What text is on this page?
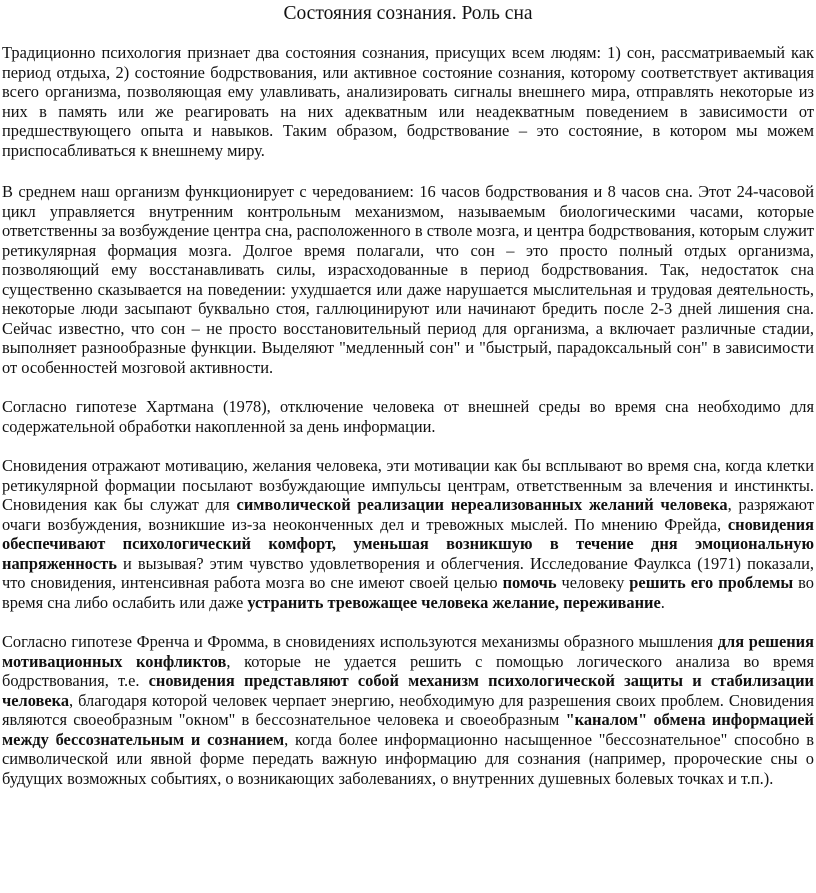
Состояния сознания. Роль сна

Традиционно психология признает два состояния сознания, присущих всем людям: 1) сон, рассматриваемый как период отдыха, 2) состояние бодрствования, или активное состояние сознания, которому соответствует активация всего организма, позволяющая ему улавливать, анализировать сигналы внешнего мира, отправлять некоторые из них в память или же реагировать на них адекватным или неадекватным поведением в зависимости от предшествующего опыта и навыков. Таким образом, бодрствование – это состояние, в котором мы можем приспосабливаться к внешнему миру.

В среднем наш организм функционирует с чередованием: 16 часов бодрствования и 8 часов сна. Этот 24-часовой цикл управляется внутренним контрольным механизмом, называемым биологическими часами, которые ответственны за возбуждение центра сна, расположенного в стволе мозга, и центра бодрствования, которым служит ретикулярная формация мозга. Долгое время полагали, что сон – это просто полный отдых организма, позволяющий ему восстанавливать силы, израсходованные в период бодрствования. Так, недостаток сна существенно сказывается на поведении: ухудшается или даже нарушается мыслительная и трудовая деятельность, некоторые люди засыпают буквально стоя, галлюцинируют или начинают бредить после 2-3 дней лишения сна. Сейчас известно, что сон – не просто восстановительный период для организма, а включает различные стадии, выполняет разнообразные функции. Выделяют "медленный сон" и "быстрый, парадоксальный сон" в зависимости от особенностей мозговой активности.

Согласно гипотезе Хартмана (1978), отключение человека от внешней среды во время сна необходимо для содержательной обработки накопленной за день информации.

Сновидения отражают мотивацию, желания человека, эти мотивации как бы всплывают во время сна, когда клетки ретикулярной формации посылают возбуждающие импульсы центрам, ответственным за влечения и инстинкты. Сновидения как бы служат для символической реализации нереализованных желаний человека, разряжают очаги возбуждения, возникшие из-за неоконченных дел и тревожных мыслей. По мнению Фрейда, сновидения обеспечивают психологический комфорт, уменьшая возникшую в течение дня эмоциональную напряженность и вызывая? этим чувство удовлетворения и облегчения. Исследование Фаулкса (1971) показали, что сновидения, интенсивная работа мозга во сне имеют своей целью помочь человеку решить его проблемы во время сна либо ослабить или даже устранить тревожащее человека желание, переживание.

Согласно гипотезе Френча и Фромма, в сновидениях используются механизмы образного мышления для решения мотивационных конфликтов, которые не удается решить с помощью логического анализа во время бодрствования, т.е. сновидения представляют собой механизм психологической защиты и стабилизации человека, благодаря которой человек черпает энергию, необходимую для разрешения своих проблем. Сновидения являются своеобразным "окном" в бессознательное человека и своеобразным "каналом" обмена информацией между бессознательным и сознанием, когда более информационно насыщенное "бессознательное" способно в символической или явной форме передать важную информацию для сознания (например, пророческие сны о будущих возможных событиях, о возникающих заболеваниях, о внутренних душевных болевых точках и т.п.).
